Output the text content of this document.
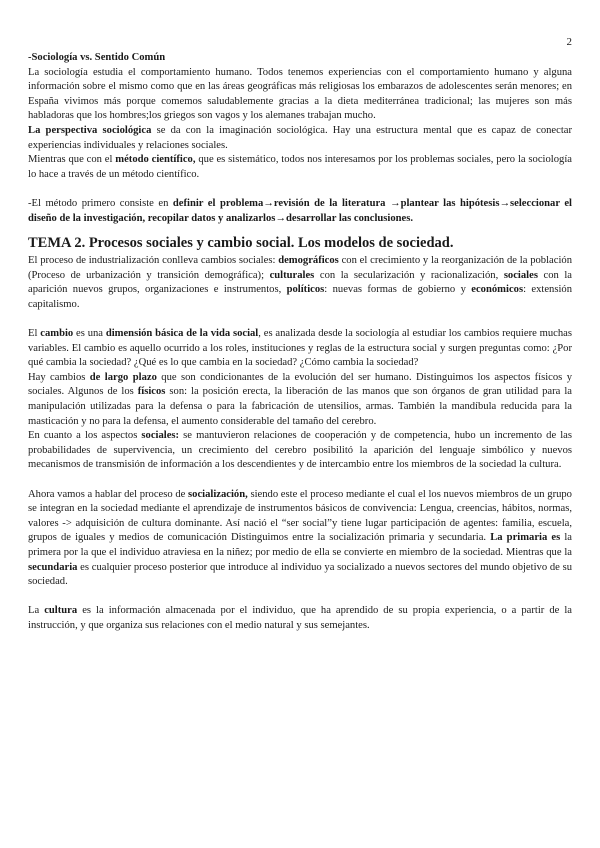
2

-Sociología vs. Sentido Común

La sociología estudia el comportamiento humano. Todos tenemos experiencias con el comportamiento humano y alguna información sobre el mismo como que en las áreas geográficas más religiosas los embarazos de adolescentes serán menores; en España vivimos más porque comemos saludablemente gracias a la dieta mediterránea tradicional; las mujeres son más habladoras que los hombres;los griegos son vagos y los alemanes trabajan mucho.

La perspectiva sociológica se da con la imaginación sociológica. Hay una estructura mental que es capaz de conectar experiencias individuales y relaciones sociales.

Mientras que con el método científico, que es sistemático, todos nos interesamos por los problemas sociales, pero la sociología lo hace a través de un método científico.

-El método primero consiste en definir el problema→revisión de la literatura →plantear las hipótesis→seleccionar el diseño de la investigación, recopilar datos y analizarlos→desarrollar las conclusiones.

TEMA 2. Procesos sociales y cambio social. Los modelos de sociedad.

El proceso de industrialización conlleva cambios sociales: demográficos con el crecimiento y la reorganización de la población (Proceso de urbanización y transición demográfica); culturales con la secularización y racionalización, sociales con la aparición nuevos grupos, organizaciones e instrumentos, políticos: nuevas formas de gobierno y económicos: extensión capitalismo.

El cambio es una dimensión básica de la vida social, es analizada desde la sociología al estudiar los cambios requiere muchas variables. El cambio es aquello ocurrido a los roles, instituciones y reglas de la estructura social y surgen preguntas como: ¿Por qué cambia la sociedad? ¿Qué es lo que cambia en la sociedad? ¿Cómo cambia la sociedad?

Hay cambios de largo plazo que son condicionantes de la evolución del ser humano. Distinguimos los aspectos físicos y sociales. Algunos de los físicos son: la posición erecta, la liberación de las manos que son órganos de gran utilidad para la manipulación utilizadas para la defensa o para la fabricación de utensilios, armas. También la mandíbula reducida para la masticación y no para la defensa, el aumento considerable del tamaño del cerebro.

En cuanto a los aspectos sociales: se mantuvieron relaciones de cooperación y de competencia, hubo un incremento de las probabilidades de supervivencia, un crecimiento del cerebro posibilitó la aparición del lenguaje simbólico y nuevos mecanismos de transmisión de información a los descendientes y de intercambio entre los miembros de la sociedad la cultura.

Ahora vamos a hablar del proceso de socialización, siendo este el proceso mediante el cual el los nuevos miembros de un grupo se integran en la sociedad mediante el aprendizaje de instrumentos básicos de convivencia: Lengua, creencias, hábitos, normas, valores -> adquisición de cultura dominante. Así nació el “ser social”y tiene lugar participación de agentes: familia, escuela, grupos de iguales y medios de comunicación Distinguimos entre la socialización primaria y secundaria. La primaria es la primera por la que el individuo atraviesa en la niñez; por medio de ella se convierte en miembro de la sociedad. Mientras que la secundaria es cualquier proceso posterior que introduce al individuo ya socializado a nuevos sectores del mundo objetivo de su sociedad.

La cultura es la información almacenada por el individuo, que ha aprendido de su propia experiencia, o a partir de la instrucción, y que organiza sus relaciones con el medio natural y sus semejantes.
